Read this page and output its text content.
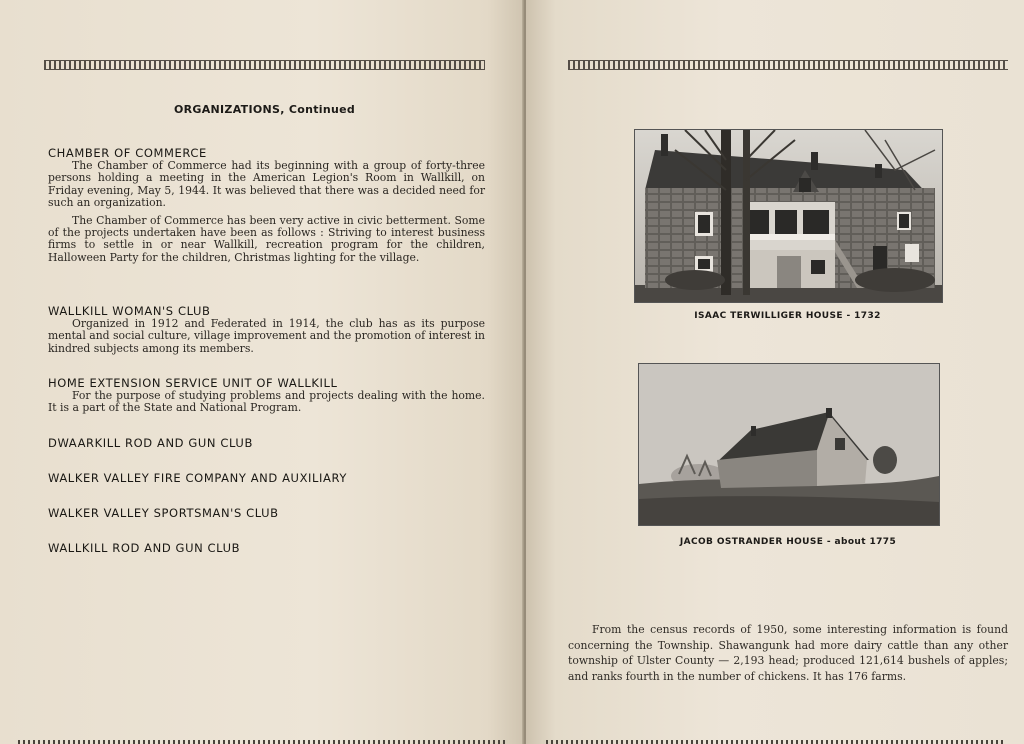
ORGANIZATIONS, Continued
CHAMBER OF COMMERCE

The Chamber of Commerce had its beginning with a group of forty-three persons holding a meeting in the American Legion's Room in Wallkill, on Friday evening, May 5, 1944. It was believed that there was a decided need for such an organization.

The Chamber of Commerce has been very active in civic betterment. Some of the projects undertaken have been as follows : Striving to interest business firms to settle in or near Wallkill, recreation program for the children, Halloween Party for the children, Christmas lighting for the village.

WALLKILL WOMAN'S CLUB

Organized in 1912 and Federated in 1914, the club has as its purpose mental and social culture, village improvement and the promotion of interest in kindred subjects among its members.

HOME EXTENSION SERVICE UNIT OF WALLKILL

For the purpose of studying problems and projects dealing with the home. It is a part of the State and National Program.

DWAARKILL ROD AND GUN CLUB
WALKER VALLEY FIRE COMPANY AND AUXILIARY
WALKER VALLEY SPORTSMAN'S CLUB
WALLKILL ROD AND GUN CLUB
ISAAC TERWILLIGER HOUSE - 1732
JACOB OSTRANDER HOUSE - about 1775

From the census records of 1950, some interesting information is found concerning the Township. Shawangunk had more dairy cattle than any other township of Ulster County — 2,193 head; produced 121,614 bushels of apples; and ranks fourth in the number of chickens. It has 176 farms.
